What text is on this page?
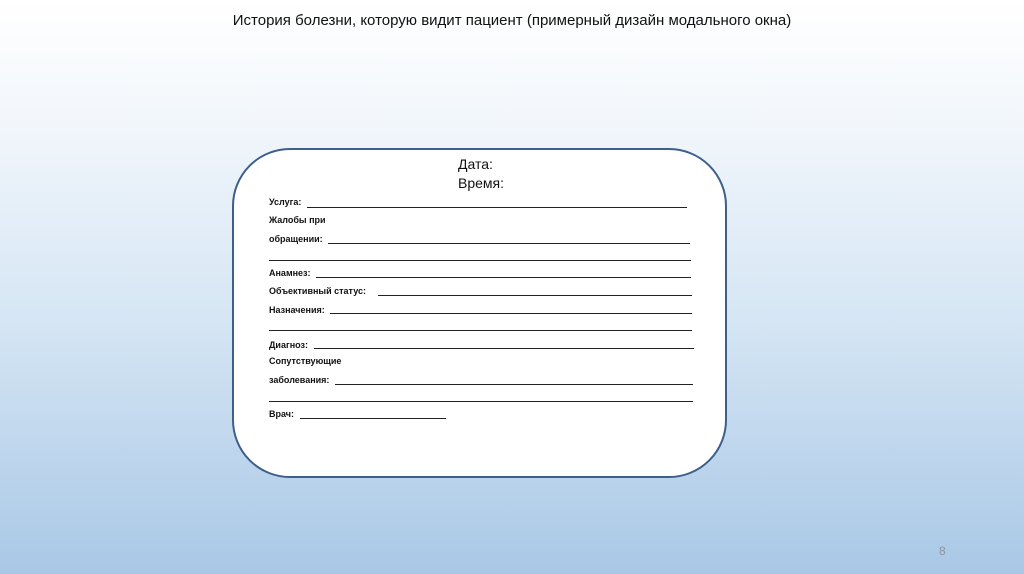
История болезни, которую видит пациент (примерный дизайн модального окна)
Дата:
Время:
Услуга:
Жалобы при
обращении:
Анамнез:
Объективный статус:
Назначения:
Диагноз:
Сопутствующие
заболевания:
Врач:
8
